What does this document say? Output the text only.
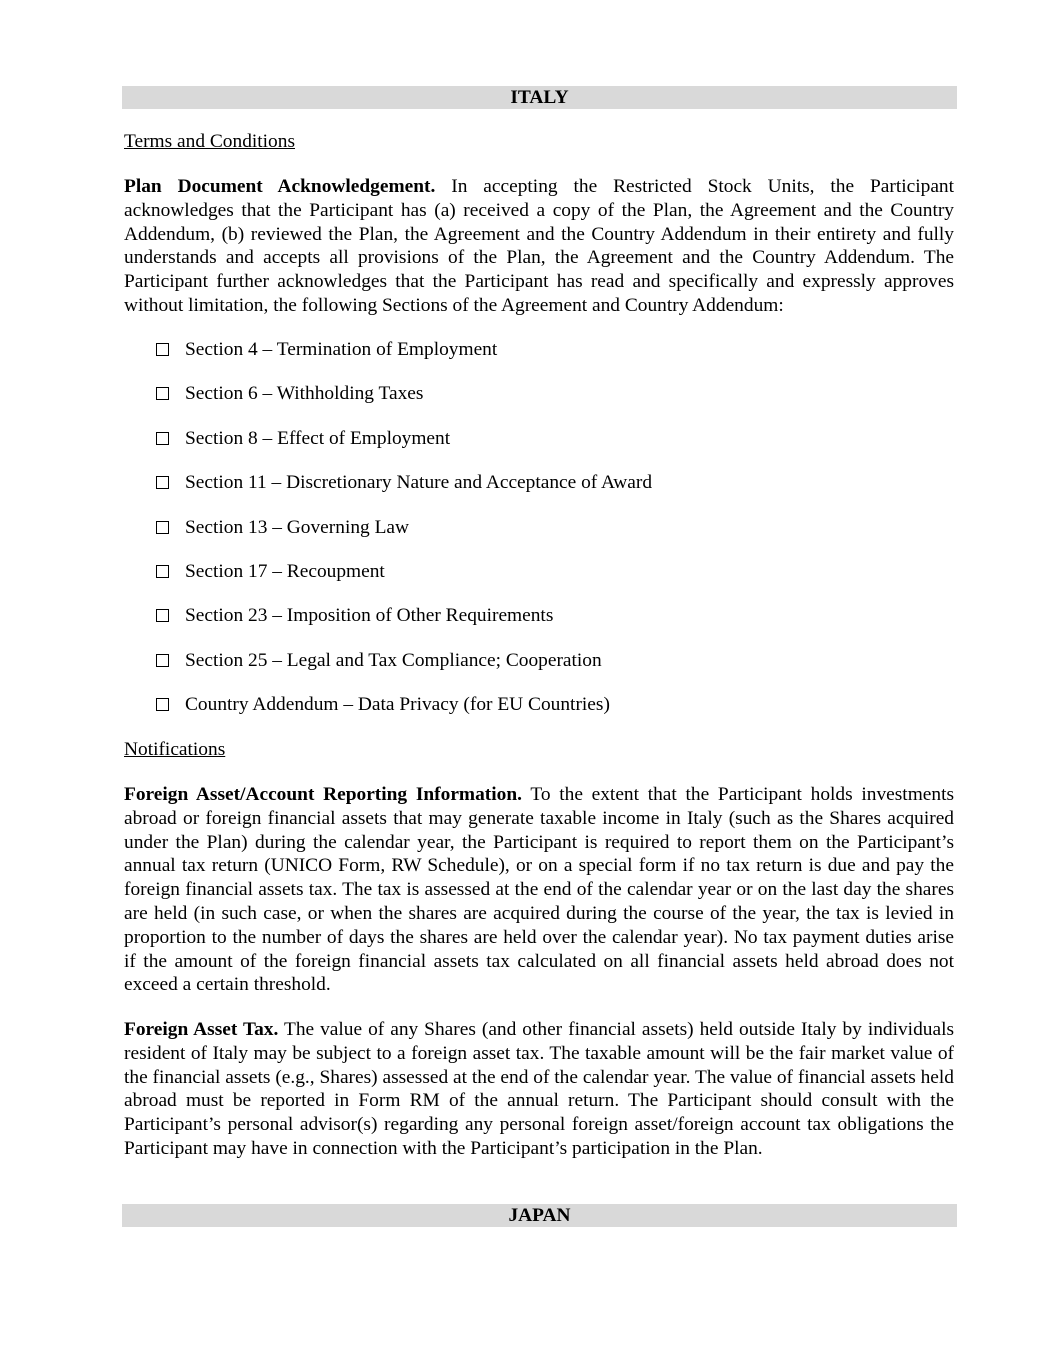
ITALY
Terms and Conditions
Plan Document Acknowledgement. In accepting the Restricted Stock Units, the Participant acknowledges that the Participant has (a) received a copy of the Plan, the Agreement and the Country Addendum, (b) reviewed the Plan, the Agreement and the Country Addendum in their entirety and fully understands and accepts all provisions of the Plan, the Agreement and the Country Addendum. The Participant further acknowledges that the Participant has read and specifically and expressly approves without limitation, the following Sections of the Agreement and Country Addendum:
Section 4 – Termination of Employment
Section 6 – Withholding Taxes
Section 8 – Effect of Employment
Section 11 – Discretionary Nature and Acceptance of Award
Section 13 – Governing Law
Section 17 – Recoupment
Section 23 – Imposition of Other Requirements
Section 25 – Legal and Tax Compliance; Cooperation
Country Addendum – Data Privacy (for EU Countries)
Notifications
Foreign Asset/Account Reporting Information. To the extent that the Participant holds investments abroad or foreign financial assets that may generate taxable income in Italy (such as the Shares acquired under the Plan) during the calendar year, the Participant is required to report them on the Participant’s annual tax return (UNICO Form, RW Schedule), or on a special form if no tax return is due and pay the foreign financial assets tax. The tax is assessed at the end of the calendar year or on the last day the shares are held (in such case, or when the shares are acquired during the course of the year, the tax is levied in proportion to the number of days the shares are held over the calendar year). No tax payment duties arise if the amount of the foreign financial assets tax calculated on all financial assets held abroad does not exceed a certain threshold.
Foreign Asset Tax. The value of any Shares (and other financial assets) held outside Italy by individuals resident of Italy may be subject to a foreign asset tax. The taxable amount will be the fair market value of the financial assets (e.g., Shares) assessed at the end of the calendar year. The value of financial assets held abroad must be reported in Form RM of the annual return. The Participant should consult with the Participant’s personal advisor(s) regarding any personal foreign asset/foreign account tax obligations the Participant may have in connection with the Participant’s participation in the Plan.
JAPAN
